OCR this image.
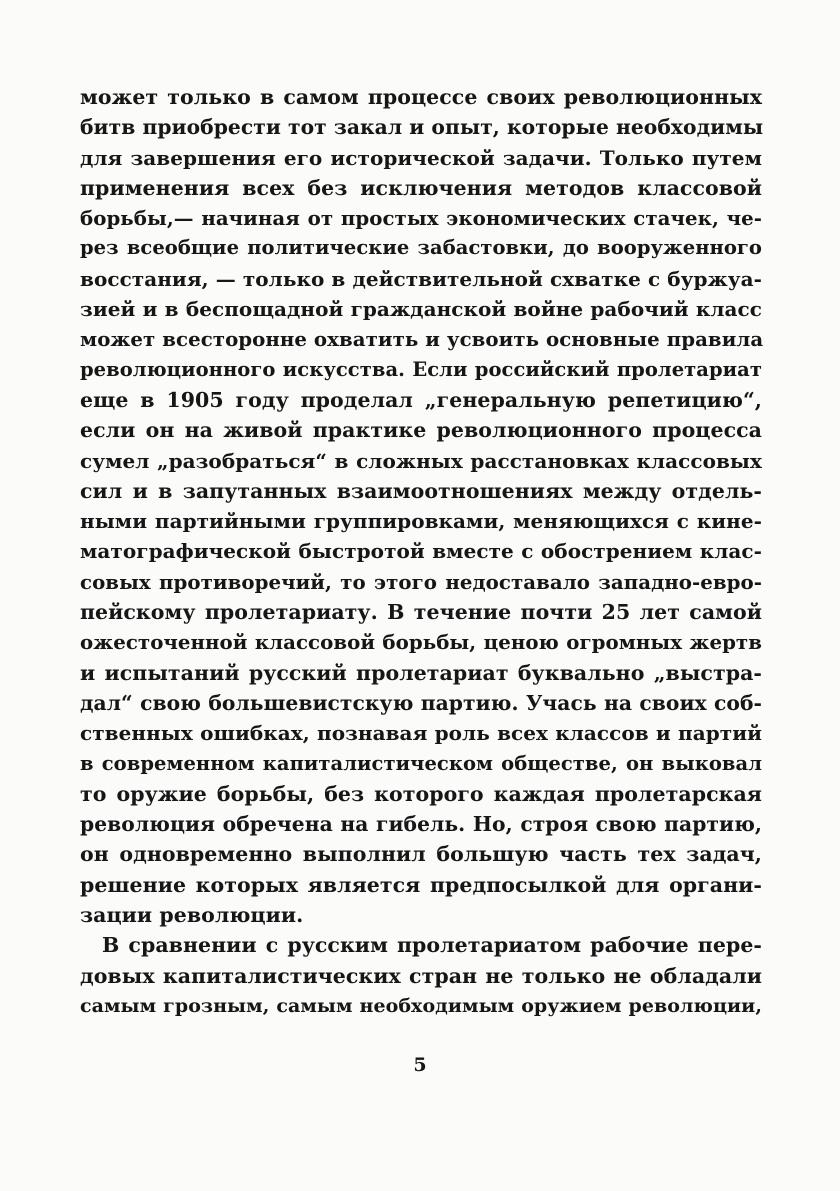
может только в самом процессе своих революционных
битв приобрести тот закал и опыт, которые необходимы
для завершения его исторической задачи. Только путем
применения всех без исключения методов классовой
борьбы,— начиная от простых экономических стачек, че-
рез всеобщие политические забастовки, до вооруженного
восстания, — только в действительной схватке с буржуа-
зией и в беспощадной гражданской войне рабочий класс
может всесторонне охватить и усвоить основные правила
революционного искусства. Если российский пролетариат
еще в 1905 году проделал „генеральную репетицию“,
если он на живой практике революционного процесса
сумел „разобраться“ в сложных расстановках классовых
сил и в запутанных взаимоотношениях между отдель-
ными партийными группировками, меняющихся с кине-
матографической быстротой вместе с обострением клас-
совых противоречий, то этого недоставало западно-евро-
пейскому пролетариату. В течение почти 25 лет самой
ожесточенной классовой борьбы, ценою огромных жертв
и испытаний русский пролетариат буквально „выстра-
дал“ свою большевистскую партию. Учась на своих соб-
ственных ошибках, познавая роль всех классов и партий
в современном капиталистическом обществе, он выковал
то оружие борьбы, без которого каждая пролетарская
революция обречена на гибель. Но, строя свою партию,
он одновременно выполнил большую часть тех задач,
решение которых является предпосылкой для органи-
зации революции.
В сравнении с русским пролетариатом рабочие пере-
довых капиталистических стран не только не обладали
самым грозным, самым необходимым оружием революции,
5
